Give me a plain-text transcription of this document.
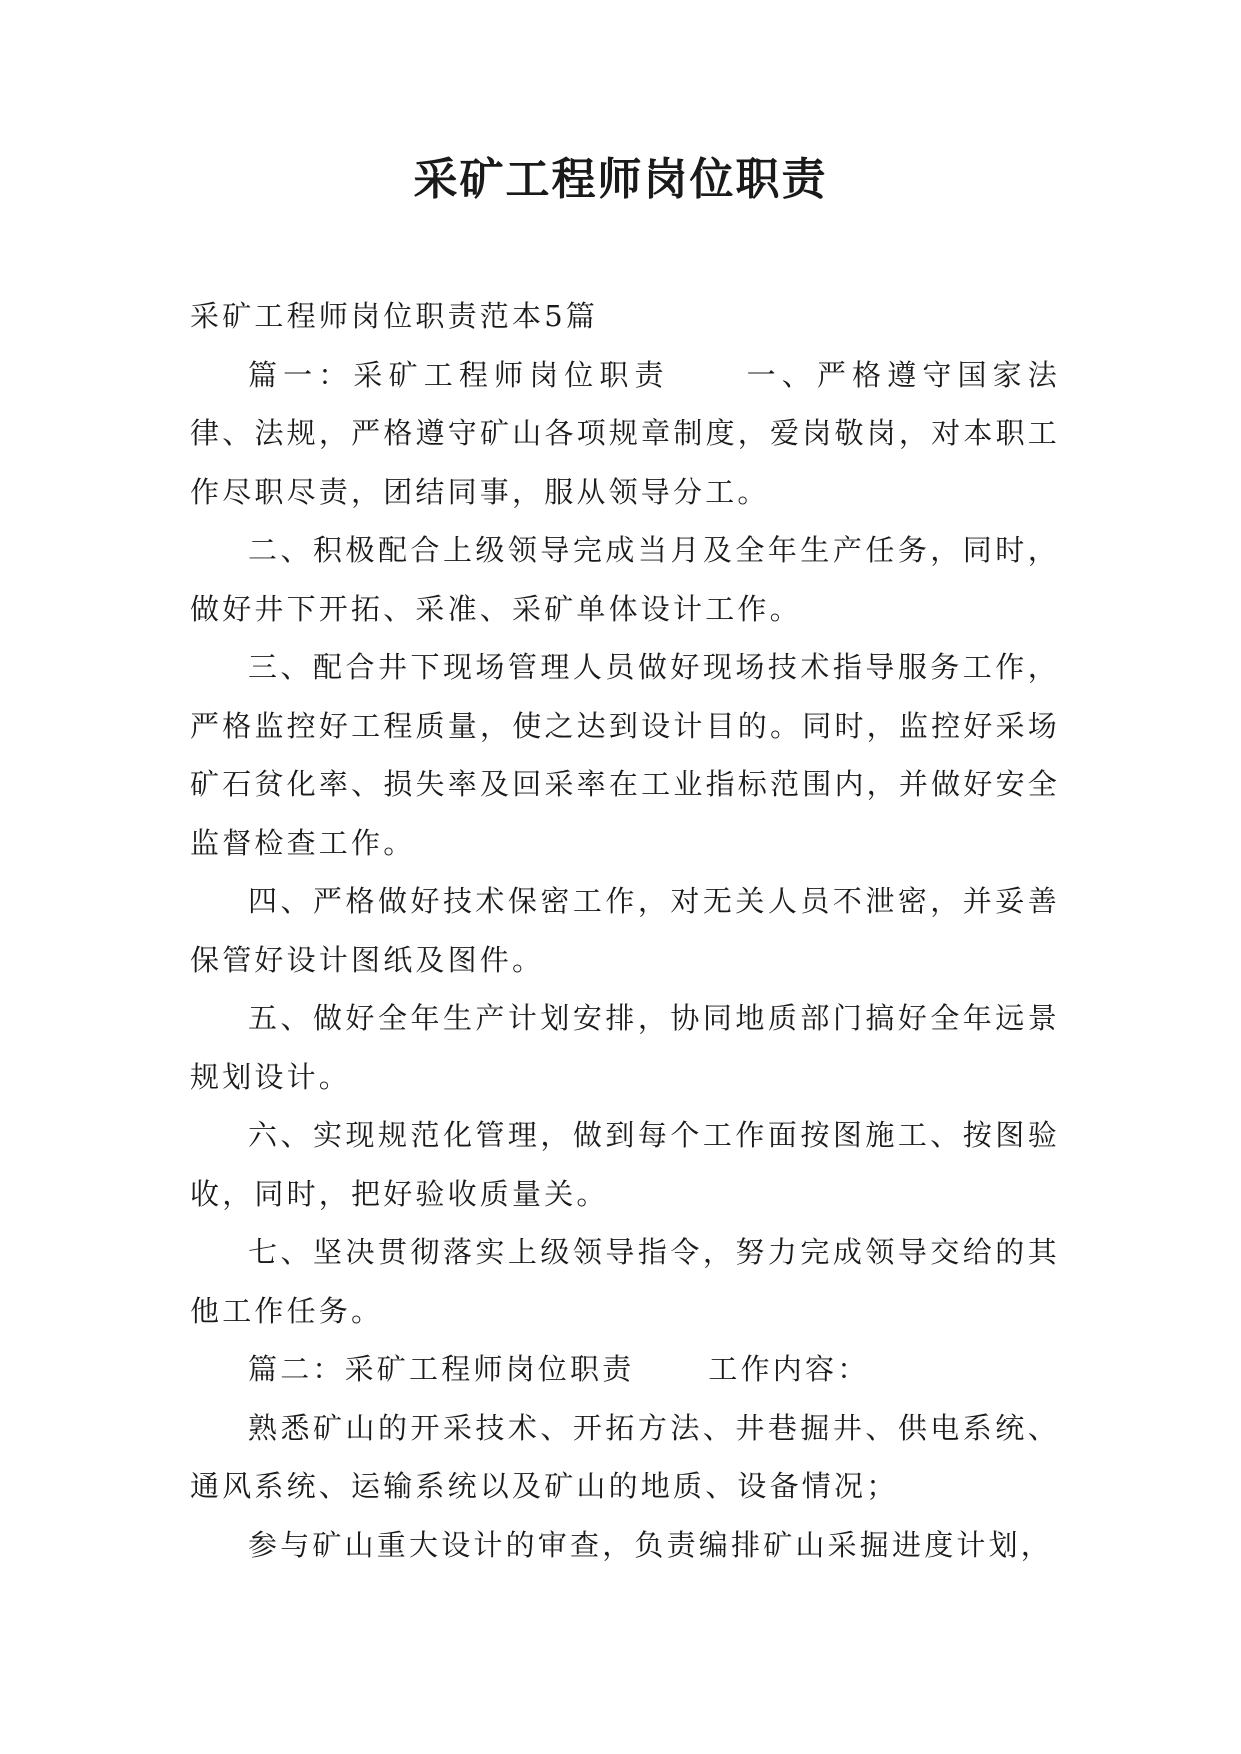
采矿工程师岗位职责

采矿工程师岗位职责范本5篇

篇一：采矿工程师岗位职责	一、严格遵守国家法律、法规，严格遵守矿山各项规章制度，爱岗敬岗，对本职工作尽职尽责，团结同事，服从领导分工。

二、积极配合上级领导完成当月及全年生产任务，同时，做好井下开拓、采准、采矿单体设计工作。

三、配合井下现场管理人员做好现场技术指导服务工作，严格监控好工程质量，使之达到设计目的。同时，监控好采场矿石贫化率、损失率及回采率在工业指标范围内，并做好安全监督检查工作。

四、严格做好技术保密工作，对无关人员不泄密，并妥善保管好设计图纸及图件。

五、做好全年生产计划安排，协同地质部门搞好全年远景规划设计。

六、实现规范化管理，做到每个工作面按图施工、按图验收，同时，把好验收质量关。

七、坚决贯彻落实上级领导指令，努力完成领导交给的其他工作任务。

篇二：采矿工程师岗位职责	工作内容：

熟悉矿山的开采技术、开拓方法、井巷掘井、供电系统、通风系统、运输系统以及矿山的地质、设备情况；

参与矿山重大设计的审查，负责编排矿山采掘进度计划，
